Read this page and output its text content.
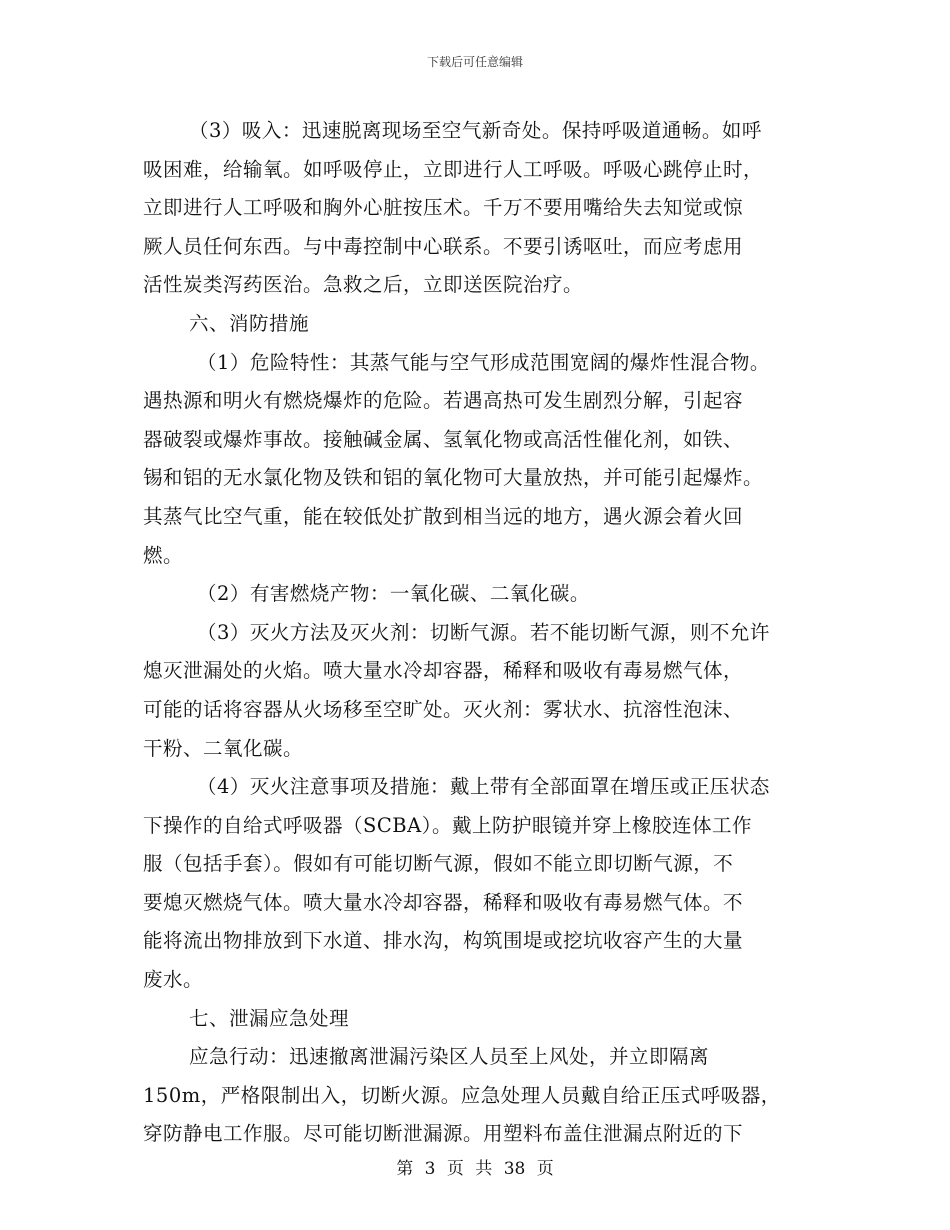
下载后可任意编辑
（3）吸入：迅速脱离现场至空气新奇处。保持呼吸道通畅。如呼
吸困难，给输氧。如呼吸停止，立即进行人工呼吸。呼吸心跳停止时，
立即进行人工呼吸和胸外心脏按压术。千万不要用嘴给失去知觉或惊
厥人员任何东西。与中毒控制中心联系。不要引诱呕吐，而应考虑用
活性炭类泻药医治。急救之后，立即送医院治疗。
六、消防措施
（1）危险特性：其蒸气能与空气形成范围宽阔的爆炸性混合物。
遇热源和明火有燃烧爆炸的危险。若遇高热可发生剧烈分解，引起容
器破裂或爆炸事故。接触碱金属、氢氧化物或高活性催化剂，如铁、
锡和铝的无水氯化物及铁和铝的氧化物可大量放热，并可能引起爆炸。
其蒸气比空气重，能在较低处扩散到相当远的地方，遇火源会着火回
燃。
（2）有害燃烧产物：一氧化碳、二氧化碳。
（3）灭火方法及灭火剂：切断气源。若不能切断气源，则不允许
熄灭泄漏处的火焰。喷大量水冷却容器，稀释和吸收有毒易燃气体，
可能的话将容器从火场移至空旷处。灭火剂：雾状水、抗溶性泡沫、
干粉、二氧化碳。
（4）灭火注意事项及措施：戴上带有全部面罩在增压或正压状态
下操作的自给式呼吸器（SCBA）。戴上防护眼镜并穿上橡胶连体工作
服（包括手套）。假如有可能切断气源，假如不能立即切断气源，不
要熄灭燃烧气体。喷大量水冷却容器，稀释和吸收有毒易燃气体。不
能将流出物排放到下水道、排水沟，构筑围堤或挖坑收容产生的大量
废水。
七、泄漏应急处理
应急行动：迅速撤离泄漏污染区人员至上风处，并立即隔离
150m，严格限制出入，切断火源。应急处理人员戴自给正压式呼吸器，
穿防静电工作服。尽可能切断泄漏源。用塑料布盖住泄漏点附近的下
第 3 页 共 38 页
